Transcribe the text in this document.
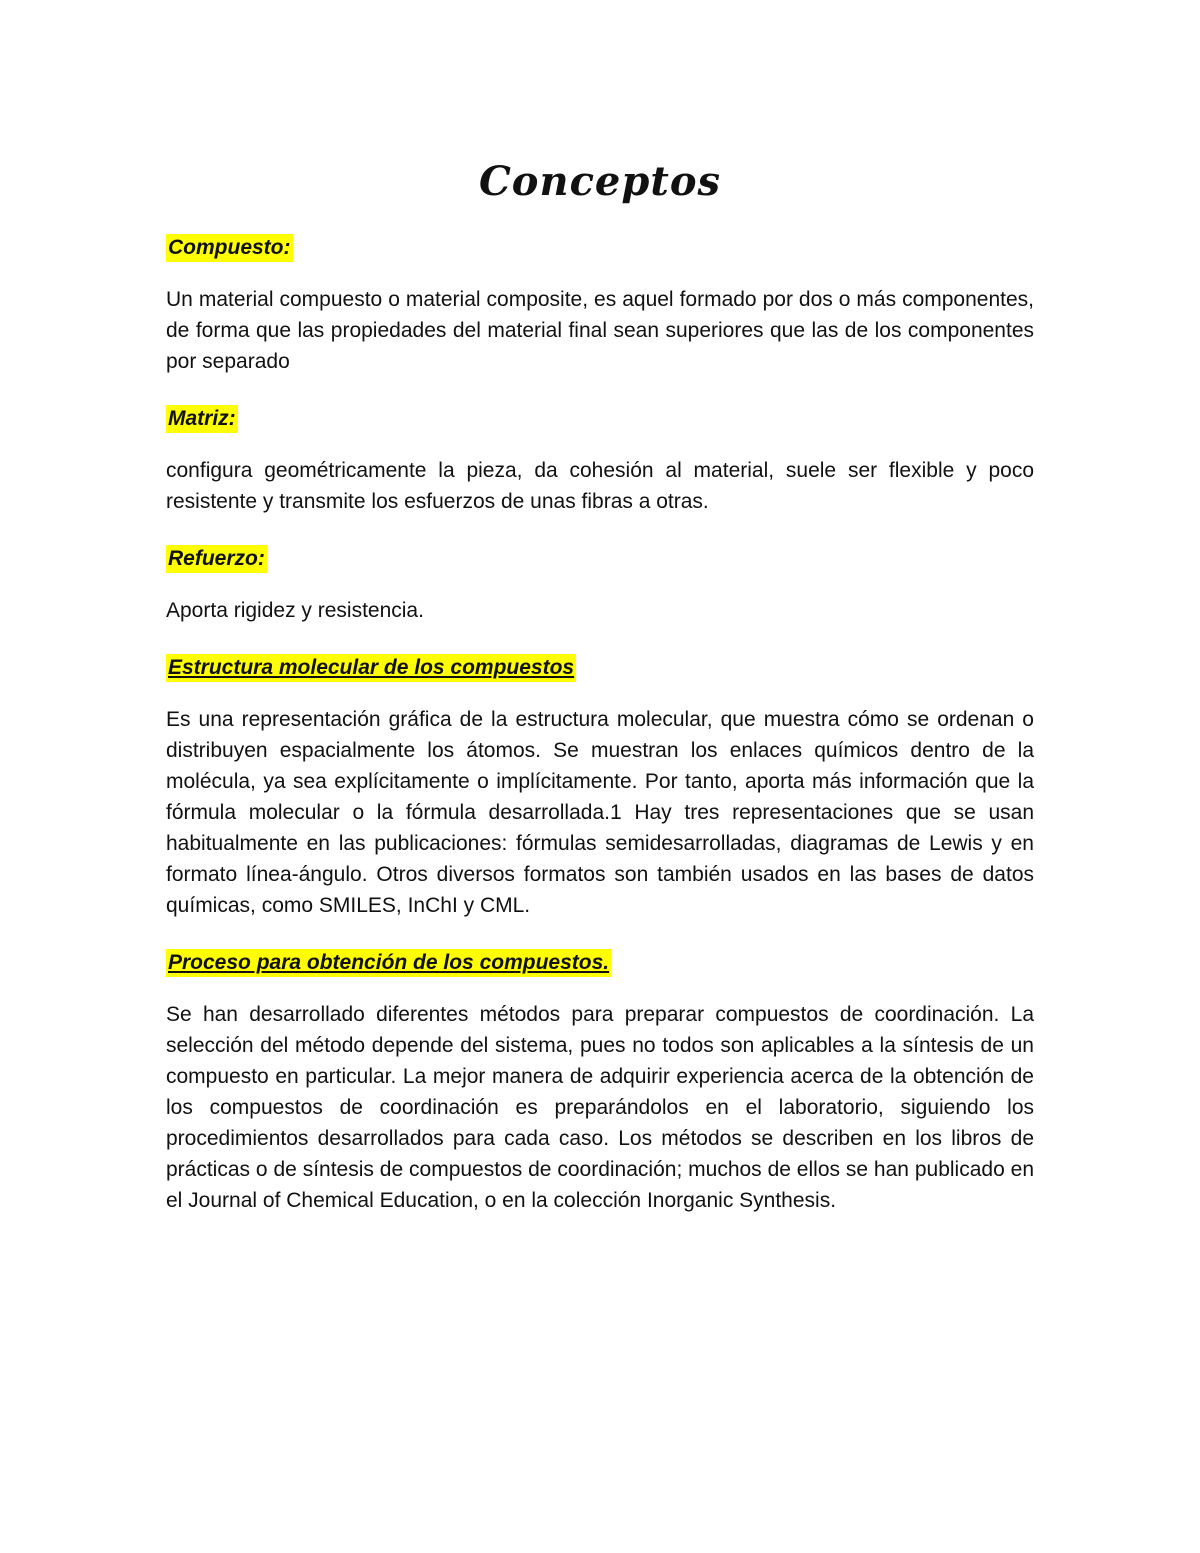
Conceptos
Compuesto:

Un material compuesto o material composite, es aquel formado por dos o más componentes, de forma que las propiedades del material final sean superiores que las de los componentes por separado

Matriz:

configura geométricamente la pieza, da cohesión al material, suele ser flexible y poco resistente y transmite los esfuerzos de unas fibras a otras.

Refuerzo:

Aporta rigidez y resistencia.

Estructura molecular de los compuestos

Es una representación gráfica de la estructura molecular, que muestra cómo se ordenan o distribuyen espacialmente los átomos. Se muestran los enlaces químicos dentro de la molécula, ya sea explícitamente o implícitamente. Por tanto, aporta más información que la fórmula molecular o la fórmula desarrollada.1 Hay tres representaciones que se usan habitualmente en las publicaciones: fórmulas semidesarrolladas, diagramas de Lewis y en formato línea-ángulo. Otros diversos formatos son también usados en las bases de datos químicas, como SMILES, InChI y CML.

Proceso para obtención de los compuestos.

Se han desarrollado diferentes métodos para preparar compuestos de coordinación. La selección del método depende del sistema, pues no todos son aplicables a la síntesis de un compuesto en particular. La mejor manera de adquirir experiencia acerca de la obtención de los compuestos de coordinación es preparándolos en el laboratorio, siguiendo los procedimientos desarrollados para cada caso. Los métodos se describen en los libros de prácticas o de síntesis de compuestos de coordinación; muchos de ellos se han publicado en el Journal of Chemical Education, o en la colección Inorganic Synthesis.
